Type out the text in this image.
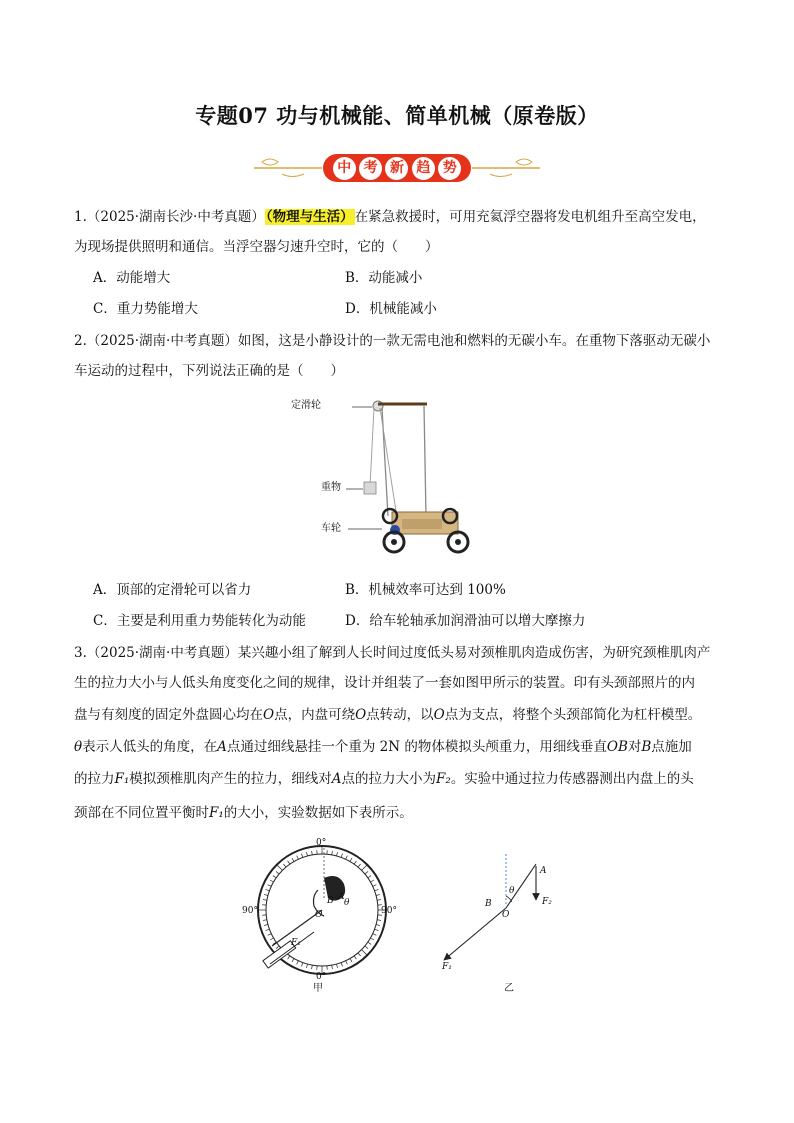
专题07 功与机械能、简单机械（原卷版）
中 考 新 趋 势
1.（2025·湖南长沙·中考真题）（物理与生活）在紧急救援时，可用充氦浮空器将发电机组升至高空发电，
为现场提供照明和通信。当浮空器匀速升空时，它的（　　）
A．动能增大	B．动能减小
C．重力势能增大	D．机械能减小
2.（2025·湖南·中考真题）如图，这是小静设计的一款无需电池和燃料的无碳小车。在重物下落驱动无碳小
车运动的过程中，下列说法正确的是（　　）
定滑轮
重物
车轮
A．顶部的定滑轮可以省力	B．机械效率可达到 100%
C．主要是利用重力势能转化为动能	D．给车轮轴承加润滑油可以增大摩擦力
3.（2025·湖南·中考真题）某兴趣小组了解到人长时间过度低头易对颈椎肌肉造成伤害，为研究颈椎肌肉产
生的拉力大小与人低头角度变化之间的规律，设计并组装了一套如图甲所示的装置。印有头颈部照片的内
盘与有刻度的固定外盘圆心均在O点，内盘可绕O点转动，以O点为支点，将整个头颈部简化为杠杆模型。
θ表示人低头的角度，在A点通过细线悬挂一个重为 2N 的物体模拟头颅重力，用细线垂直OB对B点施加
的拉力F₁模拟颈椎肌肉产生的拉力，细线对A点的拉力大小为F₂。实验中通过拉力传感器测出内盘上的头
颈部在不同位置平衡时F₁的大小，实验数据如下表所示。
0°
0°
90°	90°
A
B
O
θ
F₁
甲
A
B
O
θ
F₂
F₁
乙
